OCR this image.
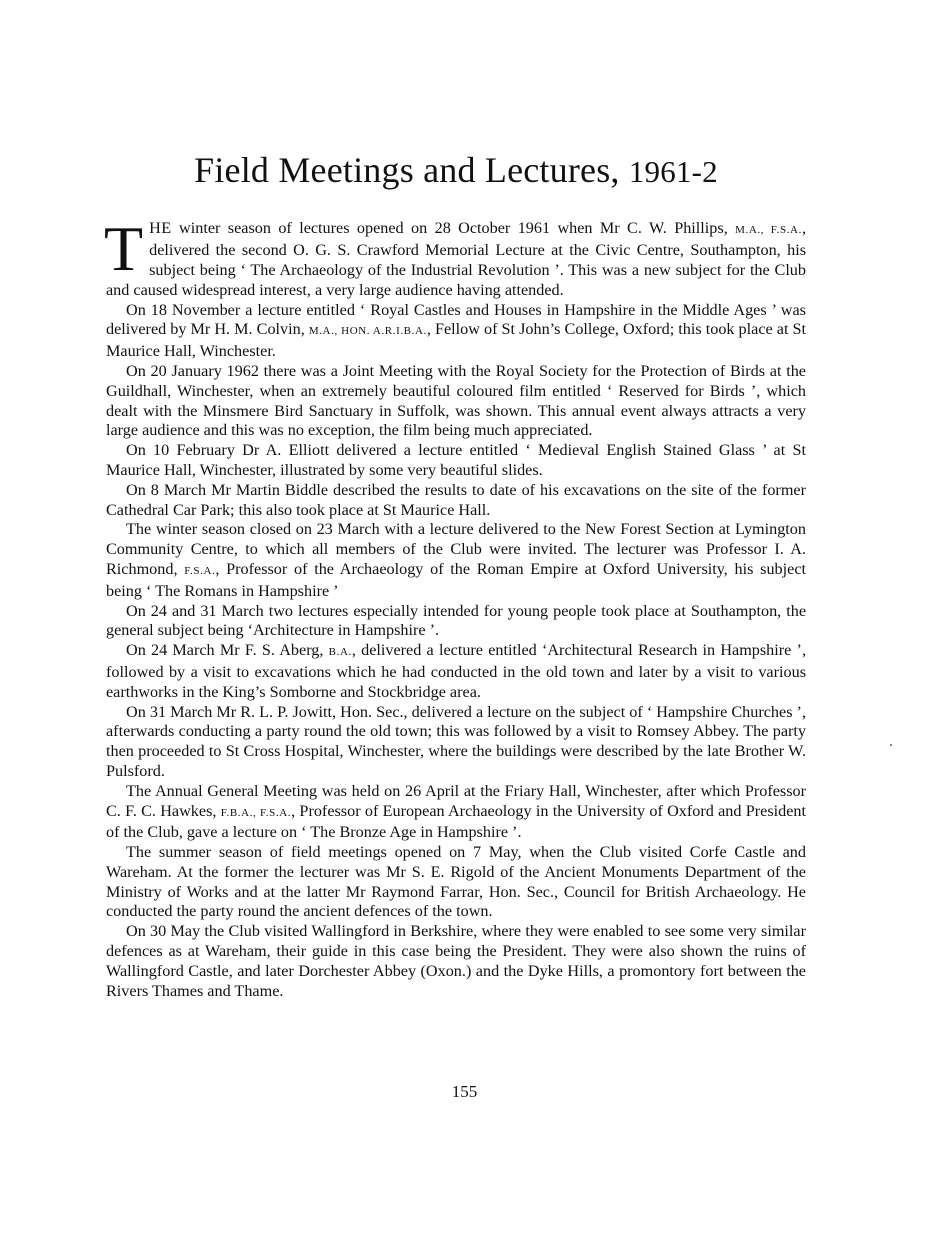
Field Meetings and Lectures, 1961-2

THE winter season of lectures opened on 28 October 1961 when Mr C. W. Phillips, M.A., F.S.A., delivered the second O. G. S. Crawford Memorial Lecture at the Civic Centre, Southampton, his subject being ‘ The Archaeology of the Industrial Revolution ’. This was a new subject for the Club and caused widespread interest, a very large audience having attended.

On 18 November a lecture entitled ‘ Royal Castles and Houses in Hampshire in the Middle Ages ’ was delivered by Mr H. M. Colvin, M.A., HON. A.R.I.B.A., Fellow of St John’s College, Oxford; this took place at St Maurice Hall, Winchester.

On 20 January 1962 there was a Joint Meeting with the Royal Society for the Protection of Birds at the Guildhall, Winchester, when an extremely beautiful coloured film entitled ‘ Reserved for Birds ’, which dealt with the Minsmere Bird Sanctuary in Suffolk, was shown. This annual event always attracts a very large audience and this was no exception, the film being much appreciated.

On 10 February Dr A. Elliott delivered a lecture entitled ‘ Medieval English Stained Glass ’ at St Maurice Hall, Winchester, illustrated by some very beautiful slides.

On 8 March Mr Martin Biddle described the results to date of his excavations on the site of the former Cathedral Car Park; this also took place at St Maurice Hall.

The winter season closed on 23 March with a lecture delivered to the New Forest Section at Lymington Community Centre, to which all members of the Club were invited. The lecturer was Professor I. A. Richmond, F.S.A., Professor of the Archaeology of the Roman Empire at Oxford University, his subject being ‘ The Romans in Hampshire ’

On 24 and 31 March two lectures especially intended for young people took place at Southampton, the general subject being ‘Architecture in Hampshire ’.

On 24 March Mr F. S. Aberg, B.A., delivered a lecture entitled ‘Architectural Research in Hampshire ’, followed by a visit to excavations which he had conducted in the old town and later by a visit to various earthworks in the King’s Somborne and Stockbridge area.

On 31 March Mr R. L. P. Jowitt, Hon. Sec., delivered a lecture on the subject of ‘ Hampshire Churches ’, afterwards conducting a party round the old town; this was followed by a visit to Romsey Abbey. The party then proceeded to St Cross Hospital, Winchester, where the buildings were described by the late Brother W. Pulsford.

The Annual General Meeting was held on 26 April at the Friary Hall, Winchester, after which Professor C. F. C. Hawkes, F.B.A., F.S.A., Professor of European Archaeology in the University of Oxford and President of the Club, gave a lecture on ‘ The Bronze Age in Hampshire ’.

The summer season of field meetings opened on 7 May, when the Club visited Corfe Castle and Wareham. At the former the lecturer was Mr S. E. Rigold of the Ancient Monuments Department of the Ministry of Works and at the latter Mr Raymond Farrar, Hon. Sec., Council for British Archaeology. He conducted the party round the ancient defences of the town.

On 30 May the Club visited Wallingford in Berkshire, where they were enabled to see some very similar defences as at Wareham, their guide in this case being the President. They were also shown the ruins of Wallingford Castle, and later Dorchester Abbey (Oxon.) and the Dyke Hills, a promontory fort between the Rivers Thames and Thame.

155
